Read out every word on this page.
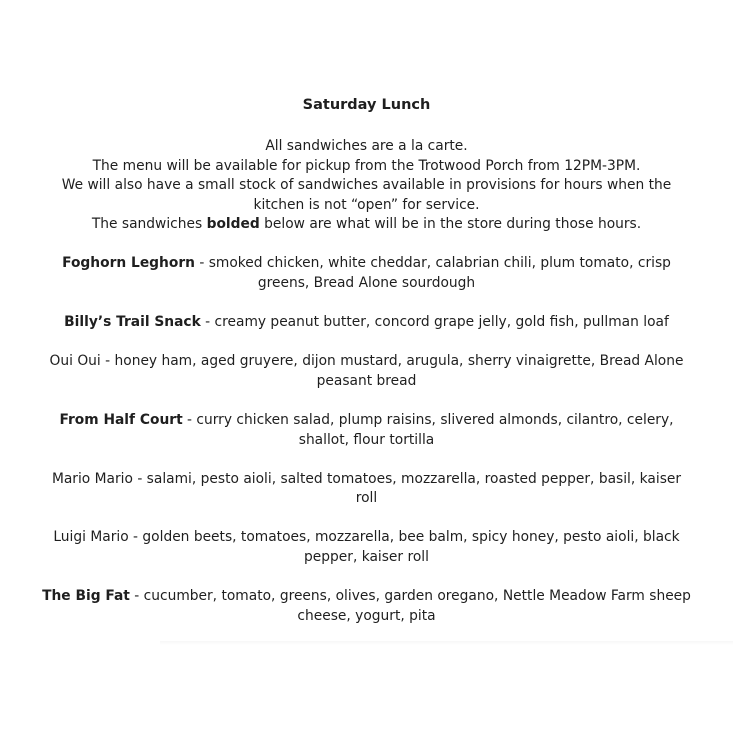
Saturday Lunch

All sandwiches are a la carte.

The menu will be available for pickup from the Trotwood Porch from 12PM-3PM.

We will also have a small stock of sandwiches available in provisions for hours when the kitchen is not “open” for service.

The sandwiches bolded below are what will be in the store during those hours.

Foghorn Leghorn - smoked chicken, white cheddar, calabrian chili, plum tomato, crisp greens, Bread Alone sourdough
Billy’s Trail Snack - creamy peanut butter, concord grape jelly, gold fish, pullman loaf
Oui Oui - honey ham, aged gruyere, dijon mustard, arugula, sherry vinaigrette, Bread Alone peasant bread
From Half Court - curry chicken salad, plump raisins, slivered almonds, cilantro, celery, shallot, flour tortilla
Mario Mario - salami, pesto aioli, salted tomatoes, mozzarella, roasted pepper, basil, kaiser roll
Luigi Mario - golden beets, tomatoes, mozzarella, bee balm, spicy honey, pesto aioli, black pepper, kaiser roll
The Big Fat - cucumber, tomato, greens, olives, garden oregano, Nettle Meadow Farm sheep cheese, yogurt, pita
